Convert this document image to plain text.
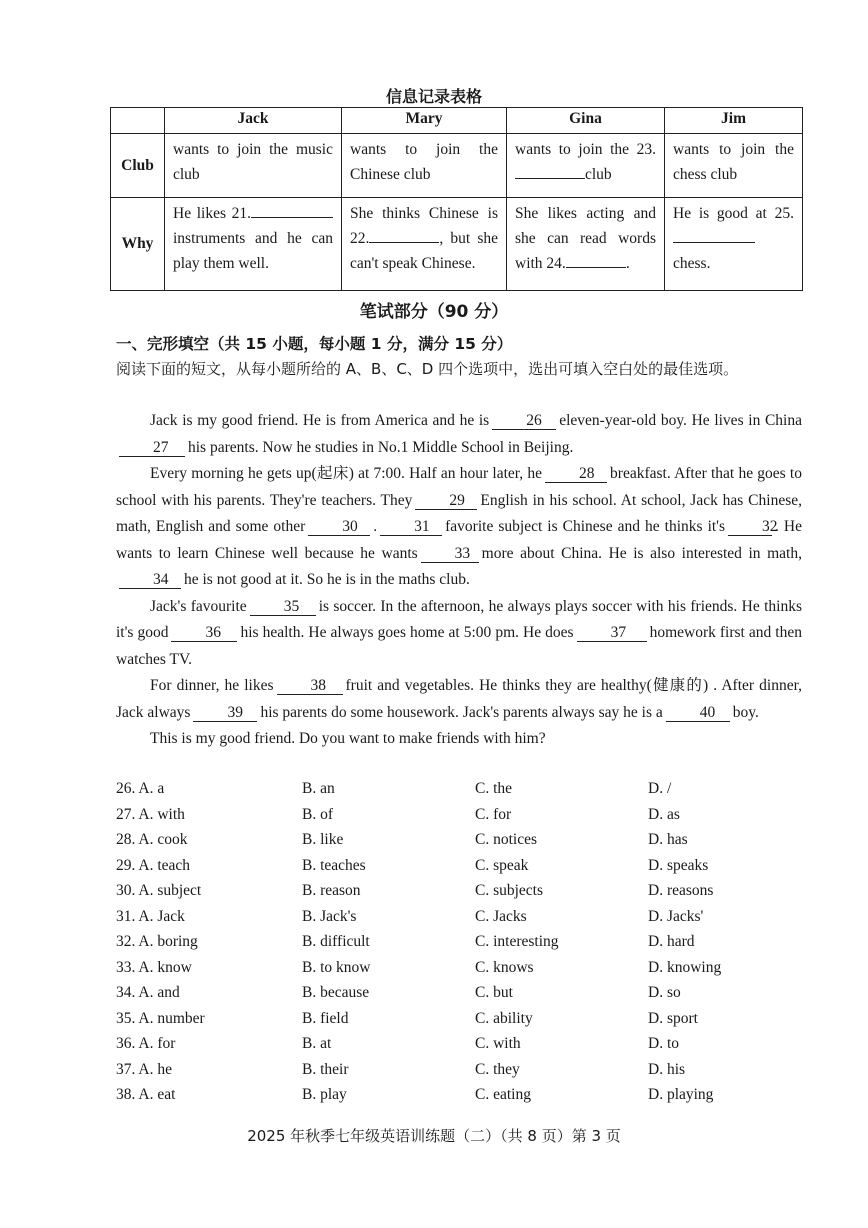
信息记录表格
	Jack	Mary	Gina	Jim
Club	wants to join the music club	wants to join the Chinese club	wants to join the 23.club	wants to join the chess club
Why	He likes 21. instruments and he can play them well.	She thinks Chinese is 22. , but she can't speak Chinese.	She likes acting and she can read words with 24. .	He is good at 25. chess.
笔试部分（90 分）
一、完形填空（共 15 小题，每小题 1 分，满分 15 分）
阅读下面的短文，从每小题所给的 A、B、C、D 四个选项中，选出可填入空白处的最佳选项。

Jack is my good friend. He is from America and he is 26 eleven-year-old boy. He lives in China27 his parents. Now he studies in No.1 Middle School in Beijing.

Every morning he gets up(起床) at 7:00. Half an hour later, he 28 breakfast. After that he goes to school with his parents. They're teachers. They 29 English in his school. At school, Jack has Chinese, math, English and some other 30 . 31 favorite subject is Chinese and he thinks it's 32. He wants to learn Chinese well because he wants 33 more about China. He is also interested in math,34 he is not good at it. So he is in the maths club.

Jack's favourite 35 is soccer. In the afternoon, he always plays soccer with his friends. He thinks it's good 36 his health. He always goes home at 5:00 pm. He does 37 homework first and then watches TV.

For dinner, he likes 38 fruit and vegetables. He thinks they are healthy(健康的) . After dinner, Jack always 39 his parents do some housework. Jack's parents always say he is a 40 boy.

This is my good friend. Do you want to make friends with him?

26. A. a	B. an	C. the	D. /
27. A. with	B. of	C. for	D. as
28. A. cook	B. like	C. notices	D. has
29. A. teach	B. teaches	C. speak	D. speaks
30. A. subject	B. reason	C. subjects	D. reasons
31. A. Jack	B. Jack's	C. Jacks	D. Jacks'
32. A. boring	B. difficult	C. interesting	D. hard
33. A. know	B. to know	C. knows	D. knowing
34. A. and	B. because	C. but	D. so
35. A. number	B. field	C. ability	D. sport
36. A. for	B. at	C. with	D. to
37. A. he	B. their	C. they	D. his
38. A. eat	B. play	C. eating	D. playing
2025 年秋季七年级英语训练题（二）（共 8 页）第 3 页
